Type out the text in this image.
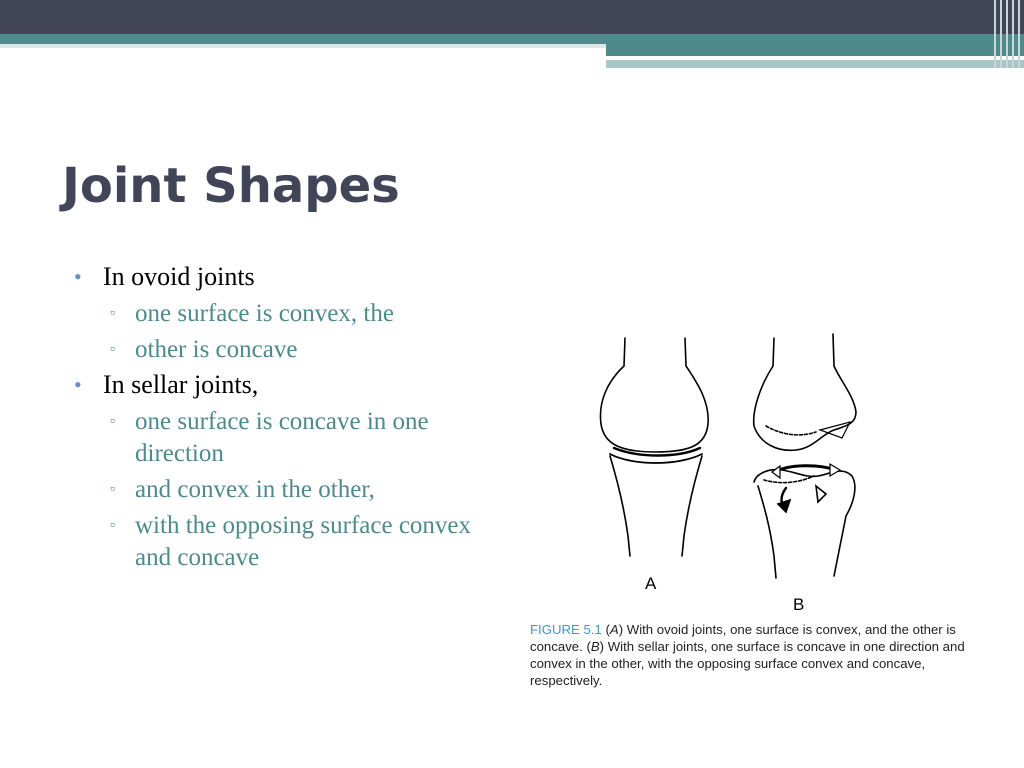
Joint Shapes
• In ovoid joints
▫ one surface is convex, the
▫ other is concave
• In sellar joints,
▫ one surface is concave in one direction
▫ and convex in the other,
▫ with the opposing surface convex and concave
A
B
FIGURE 5.1 (A) With ovoid joints, one surface is convex, and the other is concave. (B) With sellar joints, one surface is concave in one direction and convex in the other, with the opposing surface convex and concave, respectively.
